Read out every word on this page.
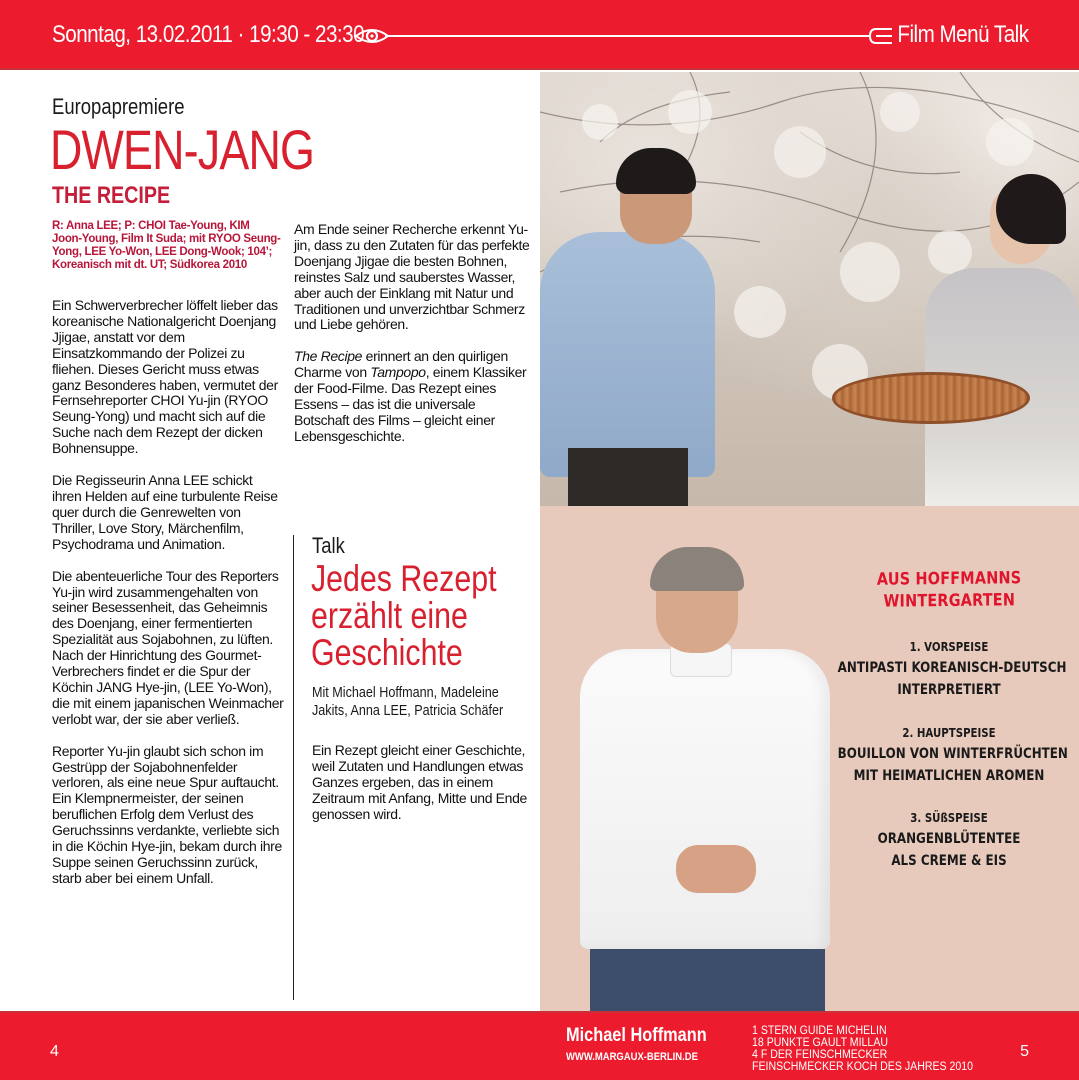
Sonntag, 13.02.2011 · 19:30 - 23:30	Film Menü Talk
Europapremiere
DWEN-JANG
THE RECIPE
R: Anna LEE; P: CHOI Tae-Young, KIM Joon-Young, Film It Suda; mit RYOO Seung-Yong, LEE Yo-Won, LEE Dong-Wook; 104’; Koreanisch mit dt. UT; Südkorea 2010

Ein Schwerverbrecher löffelt lieber das koreanische Nationalgericht Doenjang Jjigae, anstatt vor dem Einsatzkommando der Polizei zu fliehen. Dieses Gericht muss etwas ganz Besonderes haben, vermutet der Fernsehreporter CHOI Yu-jin (RYOO Seung-Yong) und macht sich auf die Suche nach dem Rezept der dicken Bohnensuppe.

Die Regisseurin Anna LEE schickt ihren Helden auf eine turbulente Reise quer durch die Genrewelten von Thriller, Love Story, Märchenfilm, Psychodrama und Animation.

Die abenteuerliche Tour des Reporters Yu-jin wird zusammengehalten von seiner Besessenheit, das Geheimnis des Doenjang, einer fermentierten Spezialität aus Sojabohnen, zu lüften. Nach der Hinrichtung des Gourmet-Verbrechers findet er die Spur der Köchin JANG Hye-jin, (LEE Yo-Won), die mit einem japanischen Weinmacher verlobt war, der sie aber verließ.

Reporter Yu-jin glaubt sich schon im Gestrüpp der Sojabohnenfelder verloren, als eine neue Spur auftaucht. Ein Klempnermeister, der seinen beruflichen Erfolg dem Verlust des Geruchssinns verdankte, verliebte sich in die Köchin Hye-jin, bekam durch ihre Suppe seinen Geruchssinn zurück, starb aber bei einem Unfall.

Am Ende seiner Recherche erkennt Yu-jin, dass zu den Zutaten für das perfekte Doenjang Jjigae die besten Bohnen, reinstes Salz und sauberstes Wasser, aber auch der Einklang mit Natur und Traditionen und unverzichtbar Schmerz und Liebe gehören.

The Recipe erinnert an den quirligen Charme von Tampopo, einem Klassiker der Food-Filme. Das Rezept eines Essens – das ist die universale Botschaft des Films – gleicht einer Lebensgeschichte.

Talk
Jedes Rezept
erzählt eine
Geschichte
Mit Michael Hoffmann, Madeleine
Jakits, Anna LEE, Patricia Schäfer
Ein Rezept gleicht einer Geschichte, weil Zutaten und Handlungen etwas Ganzes ergeben, das in einem Zeitraum mit Anfang, Mitte und Ende genossen wird.
AUS HOFFMANNS
WINTERGARTEN
1. VORSPEISE
ANTIPASTI KOREANISCH-DEUTSCH
INTERPRETIERT
2. HAUPTSPEISE
BOUILLON VON WINTERFRÜCHTEN
MIT HEIMATLICHEN AROMEN
3. SÜßSPEISE
ORANGENBLÜTENTEE
ALS CREME & EIS
4
Michael Hoffmann
WWW.MARGAUX-BERLIN.DE
1 STERN GUIDE MICHELIN
18 PUNKTE GAULT MILLAU
4 F DER FEINSCHMECKER
FEINSCHMECKER KOCH DES JAHRES 2010
5
